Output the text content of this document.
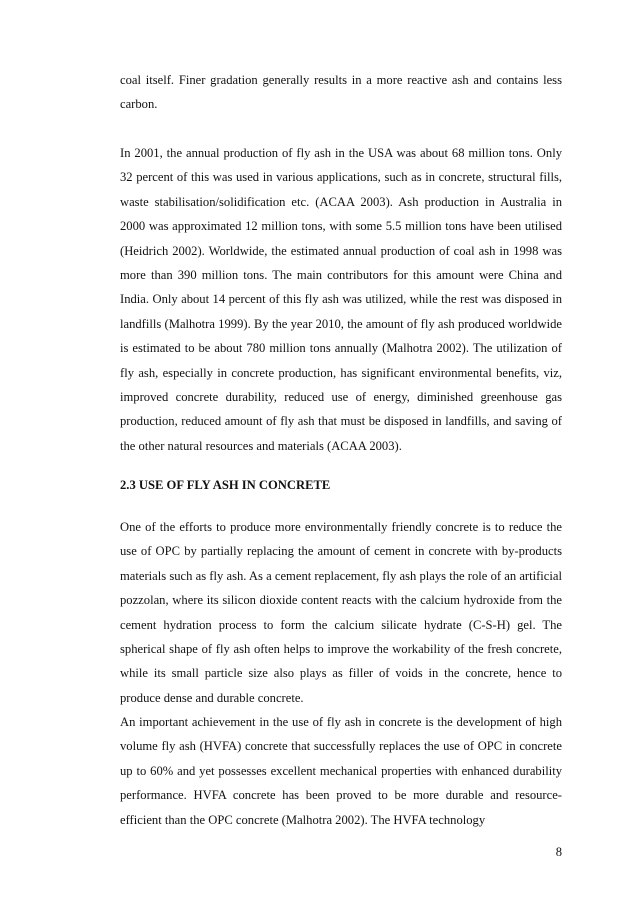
coal itself. Finer gradation generally results in a more reactive ash and contains less carbon.

In 2001, the annual production of fly ash in the USA was about 68 million tons. Only 32 percent of this was used in various applications, such as in concrete, structural fills, waste stabilisation/solidification etc. (ACAA 2003). Ash production in Australia in 2000 was approximated 12 million tons, with some 5.5 million tons have been utilised (Heidrich 2002). Worldwide, the estimated annual production of coal ash in 1998 was more than 390 million tons. The main contributors for this amount were China and India. Only about 14 percent of this fly ash was utilized, while the rest was disposed in landfills (Malhotra 1999). By the year 2010, the amount of fly ash produced worldwide is estimated to be about 780 million tons annually (Malhotra 2002). The utilization of fly ash, especially in concrete production, has significant environmental benefits, viz, improved concrete durability, reduced use of energy, diminished greenhouse gas production, reduced amount of fly ash that must be disposed in landfills, and saving of the other natural resources and materials (ACAA 2003).

2.3 USE OF FLY ASH IN CONCRETE

One of the efforts to produce more environmentally friendly concrete is to reduce the use of OPC by partially replacing the amount of cement in concrete with by-products materials such as fly ash. As a cement replacement, fly ash plays the role of an artificial pozzolan, where its silicon dioxide content reacts with the calcium hydroxide from the cement hydration process to form the calcium silicate hydrate (C-S-H) gel. The spherical shape of fly ash often helps to improve the workability of the fresh concrete, while its small particle size also plays as filler of voids in the concrete, hence to produce dense and durable concrete.

An important achievement in the use of fly ash in concrete is the development of high volume fly ash (HVFA) concrete that successfully replaces the use of OPC in concrete up to 60% and yet possesses excellent mechanical properties with enhanced durability performance. HVFA concrete has been proved to be more durable and resource-efficient than the OPC concrete (Malhotra 2002). The HVFA technology

8
